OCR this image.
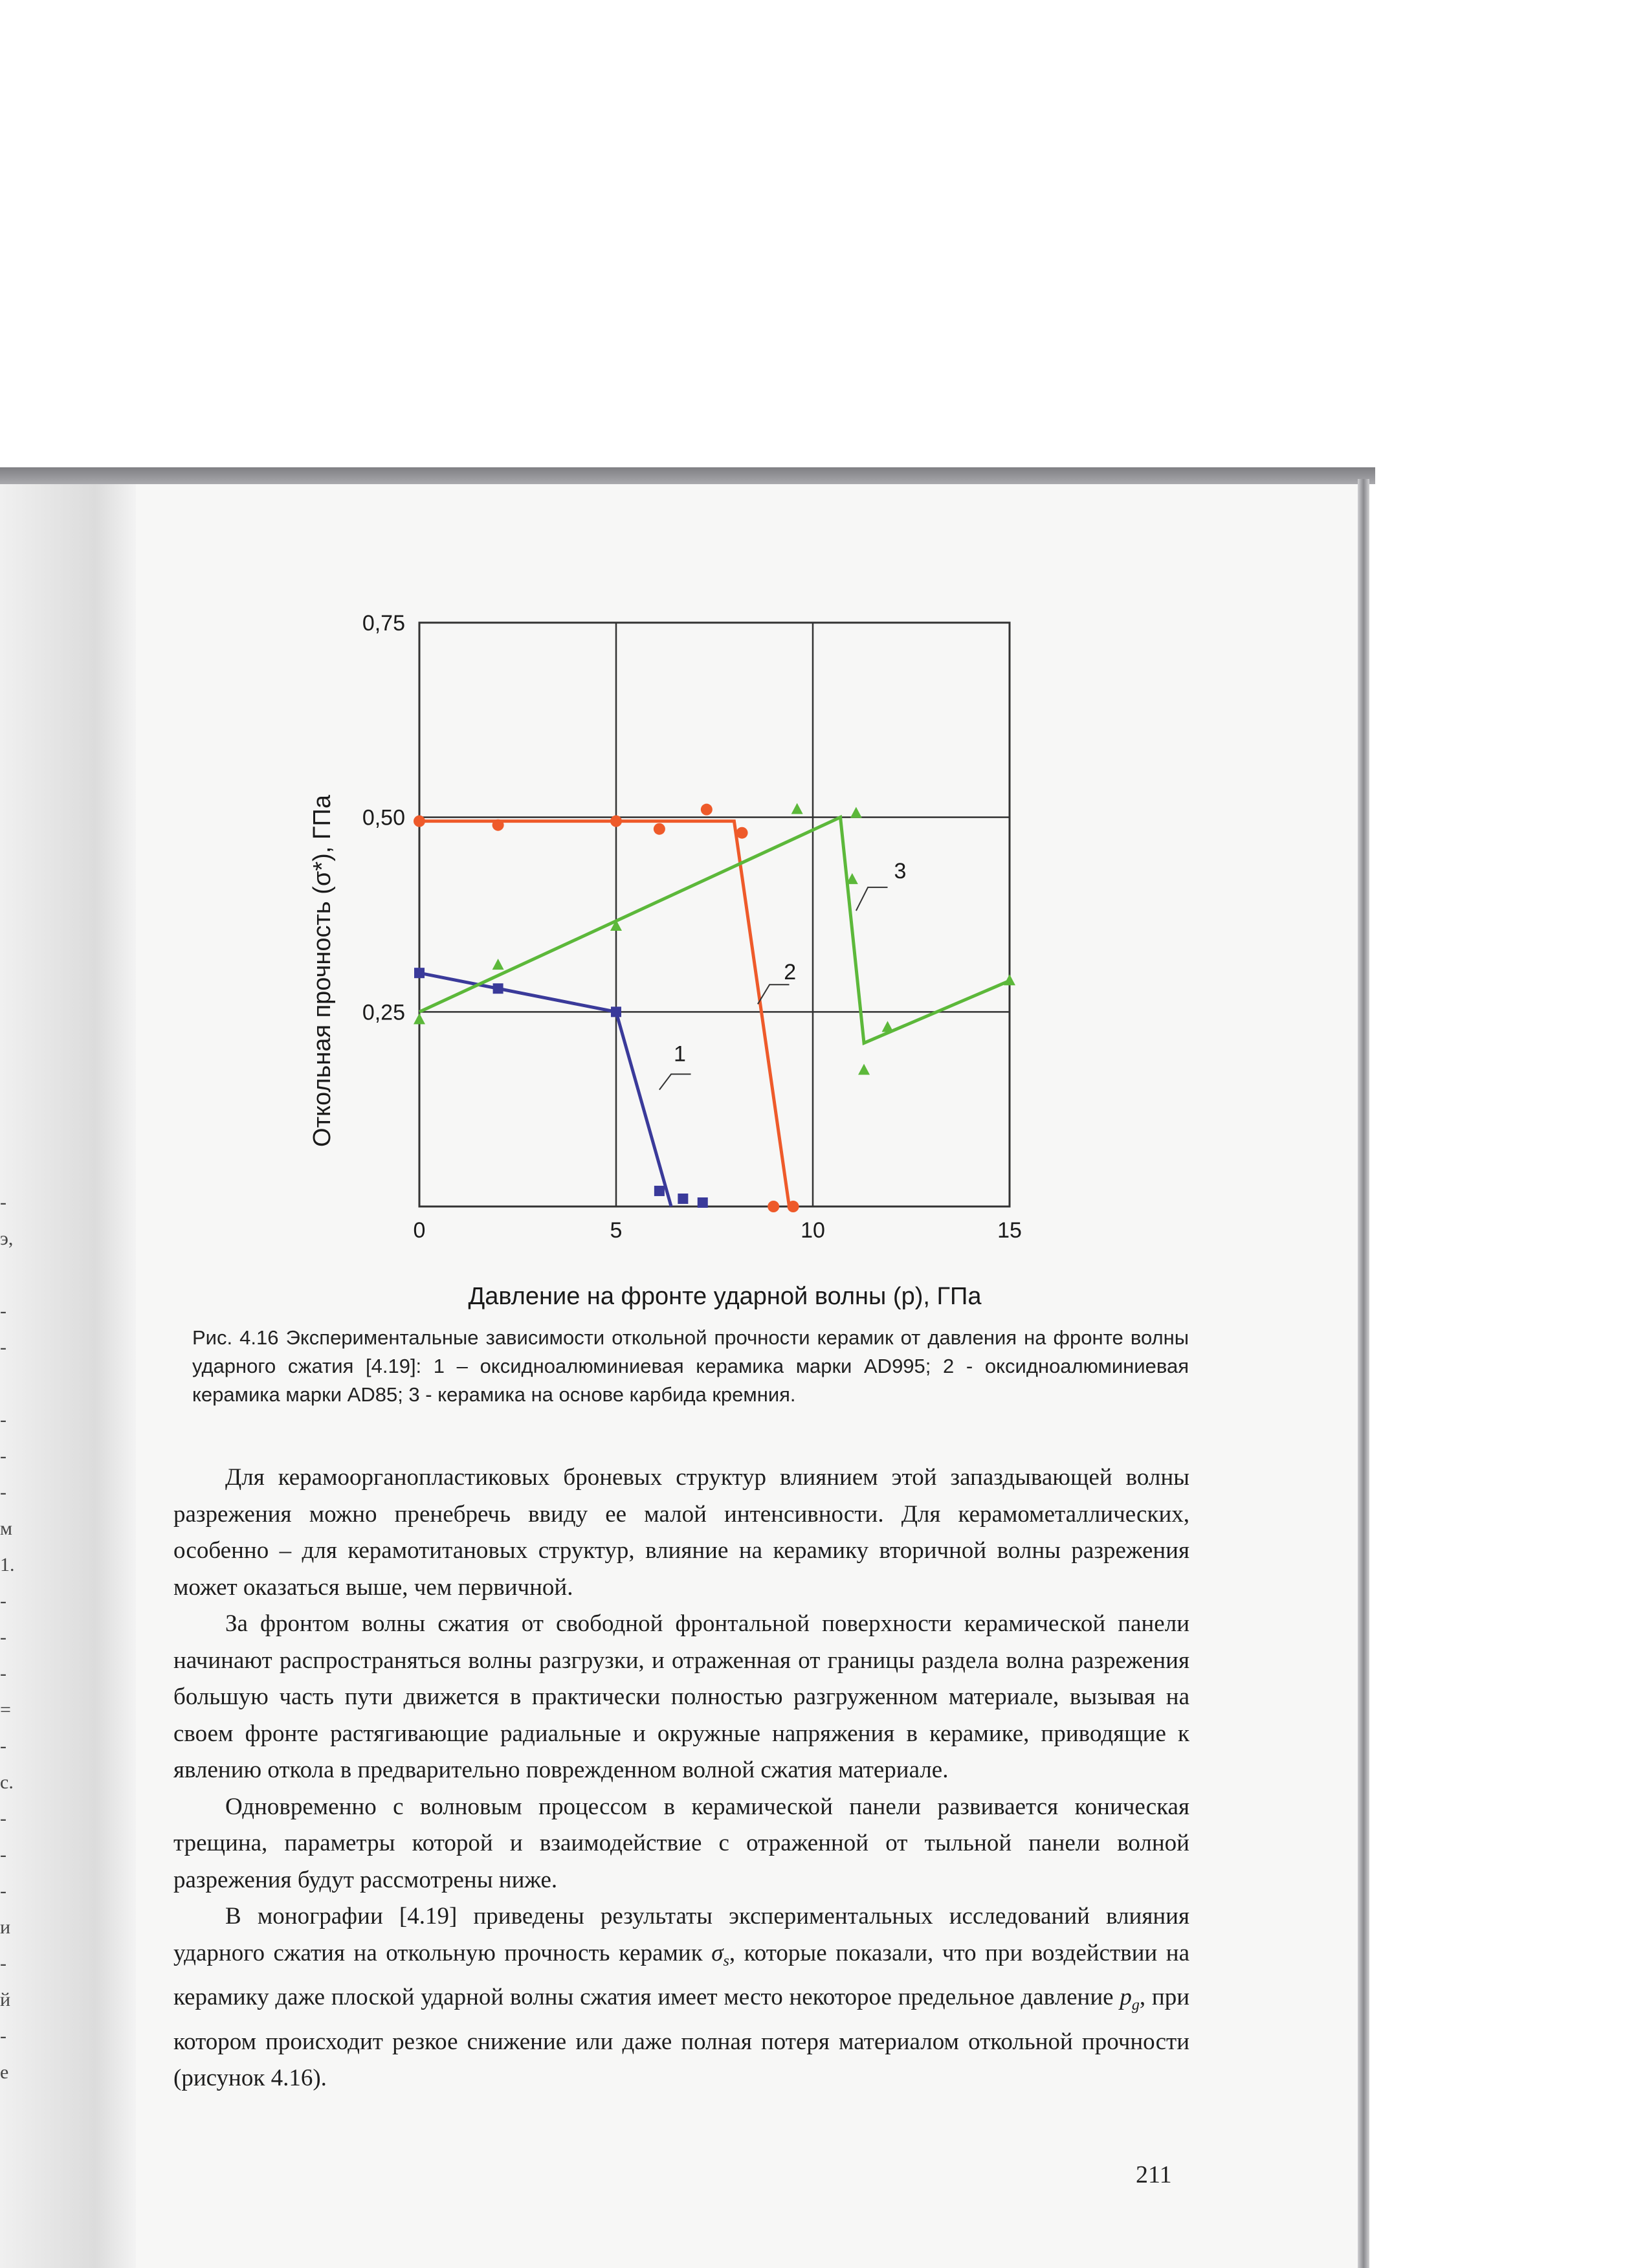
-
э,

-
-

-
-
-
м
1.
-
-
-
=
-
с.
-
-
-
и
-
й
-
е
0	5	10	15
0,25
0,50
0,75
1
2
3
Давление на фронте ударной волны (р), ГПа
Откольная прочность (σ*), ГПа

Рис. 4.16 Экспериментальные зависимости откольной прочности керамик от давления на фронте волны ударного сжатия [4.19]: 1 – оксидноалюминиевая керамика марки AD995; 2 - оксидноалюминиевая керамика марки AD85; 3 - керамика на основе карбида кремния.

Для керамоорганопластиковых броневых структур влиянием этой запаздывающей волны разрежения можно пренебречь ввиду ее малой интенсивности. Для керамометаллических, особенно – для керамотитановых структур, влияние на керамику вторичной волны разрежения может оказаться выше, чем первичной.

За фронтом волны сжатия от свободной фронтальной поверхности керамической панели начинают распространяться волны разгрузки, и отраженная от границы раздела волна разрежения большую часть пути движется в практически полностью разгруженном материале, вызывая на своем фронте растягивающие радиальные и окружные напряжения в керамике, приводящие к явлению откола в предварительно поврежденном волной сжатия материале.

Одновременно с волновым процессом в керамической панели развивается коническая трещина, параметры которой и взаимодействие с отраженной от тыльной панели волной разрежения будут рассмотрены ниже.

В монографии [4.19] приведены результаты экспериментальных исследований влияния ударного сжатия на откольную прочность керамик $\sigma_s$, которые показали, что при воздействии на керамику даже плоской ударной волны сжатия имеет место некоторое предельное давление $p_g$, при котором происходит резкое снижение или даже полная потеря материалом откольной прочности (рисунок 4.16).

211
